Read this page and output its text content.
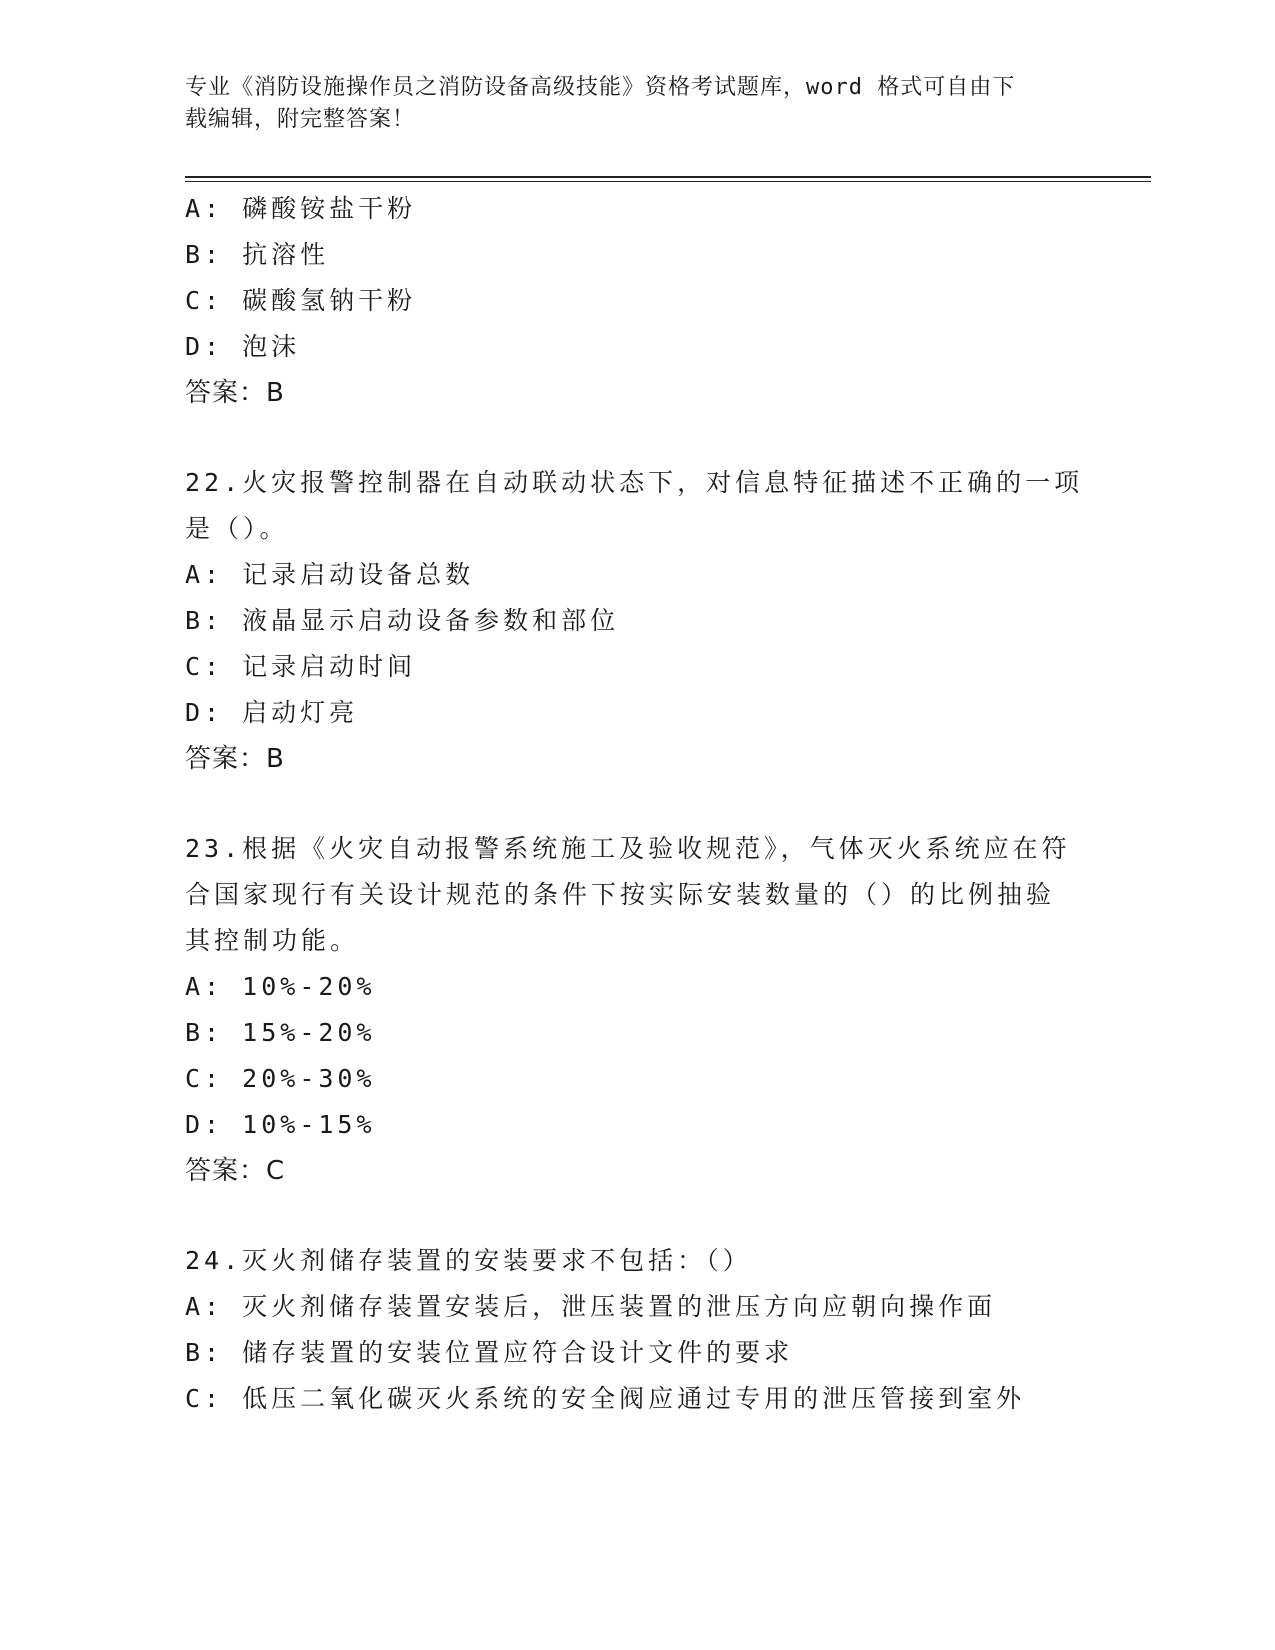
专业《消防设施操作员之消防设备高级技能》资格考试题库，word 格式可自由下
载编辑，附完整答案！
A: 磷酸铵盐干粉
B: 抗溶性
C: 碳酸氢钠干粉
D: 泡沫
答案：B
22.火灾报警控制器在自动联动状态下，对信息特征描述不正确的一项
是（）。
A: 记录启动设备总数
B: 液晶显示启动设备参数和部位
C: 记录启动时间
D: 启动灯亮
答案：B
23.根据《火灾自动报警系统施工及验收规范》，气体灭火系统应在符
合国家现行有关设计规范的条件下按实际安装数量的（）的比例抽验
其控制功能。
A: 10%-20%
B: 15%-20%
C: 20%-30%
D: 10%-15%
答案：C
24.灭火剂储存装置的安装要求不包括：（）
A: 灭火剂储存装置安装后，泄压装置的泄压方向应朝向操作面
B: 储存装置的安装位置应符合设计文件的要求
C: 低压二氧化碳灭火系统的安全阀应通过专用的泄压管接到室外
